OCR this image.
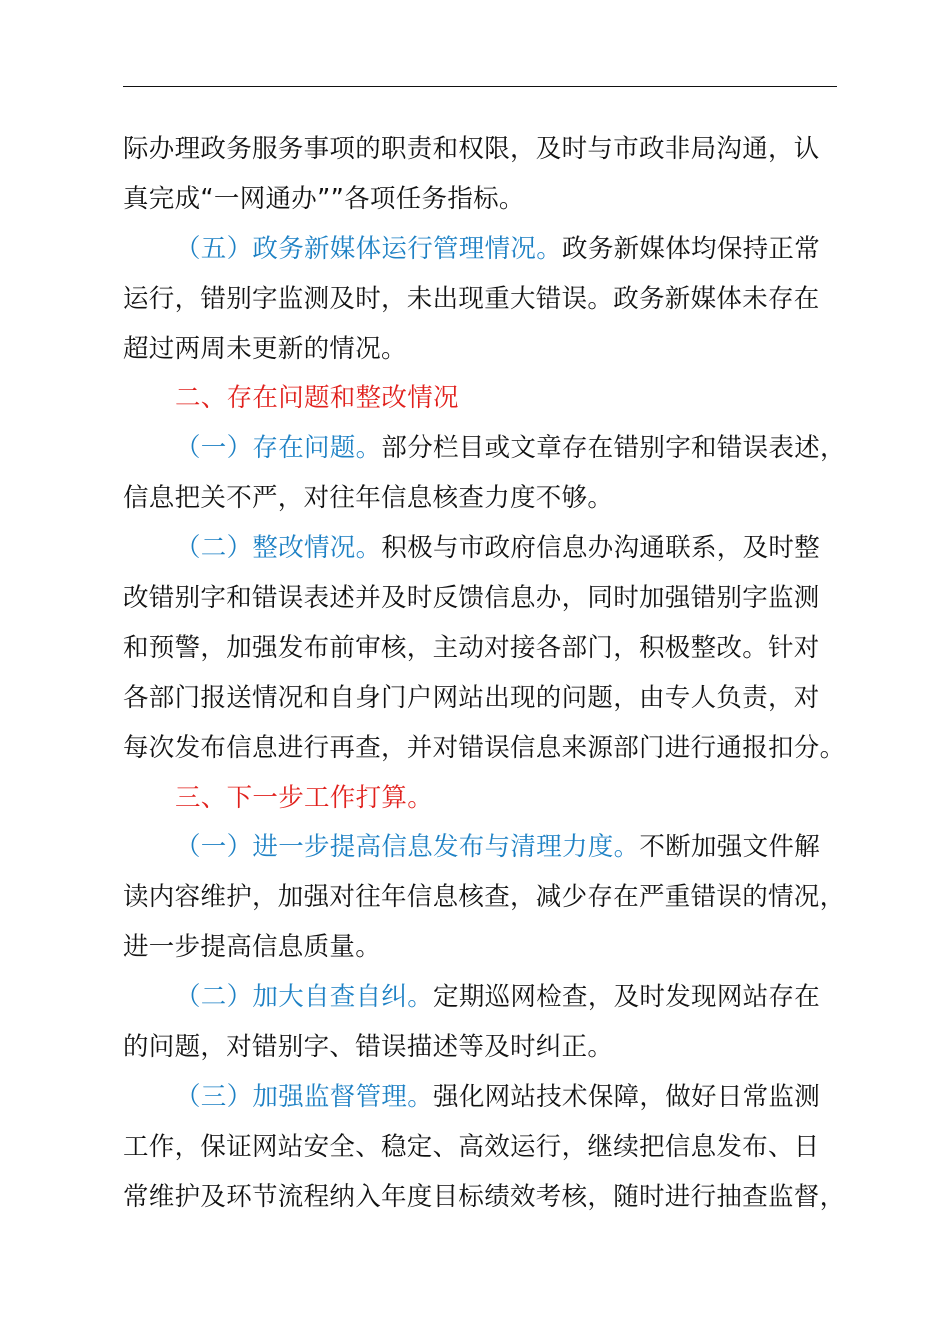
际办理政务服务事项的职责和权限，及时与市政非局沟通，认
真完成“一网通办””各项任务指标。
（五）政务新媒体运行管理情况。政务新媒体均保持正常
运行，错别字监测及时，未出现重大错误。政务新媒体未存在
超过两周未更新的情况。
二、存在问题和整改情况
（一）存在问题。部分栏目或文章存在错别字和错误表述，
信息把关不严，对往年信息核查力度不够。
（二）整改情况。积极与市政府信息办沟通联系，及时整
改错别字和错误表述并及时反馈信息办，同时加强错别字监测
和预警，加强发布前审核，主动对接各部门，积极整改。针对
各部门报送情况和自身门户网站出现的问题，由专人负责，对
每次发布信息进行再查，并对错误信息来源部门进行通报扣分。
三、下一步工作打算。
（一）进一步提高信息发布与清理力度。不断加强文件解
读内容维护，加强对往年信息核查，减少存在严重错误的情况，
进一步提高信息质量。
（二）加大自查自纠。定期巡网检查，及时发现网站存在
的问题，对错别字、错误描述等及时纠正。
（三）加强监督管理。强化网站技术保障，做好日常监测
工作，保证网站安全、稳定、高效运行，继续把信息发布、日
常维护及环节流程纳入年度目标绩效考核，随时进行抽查监督，
